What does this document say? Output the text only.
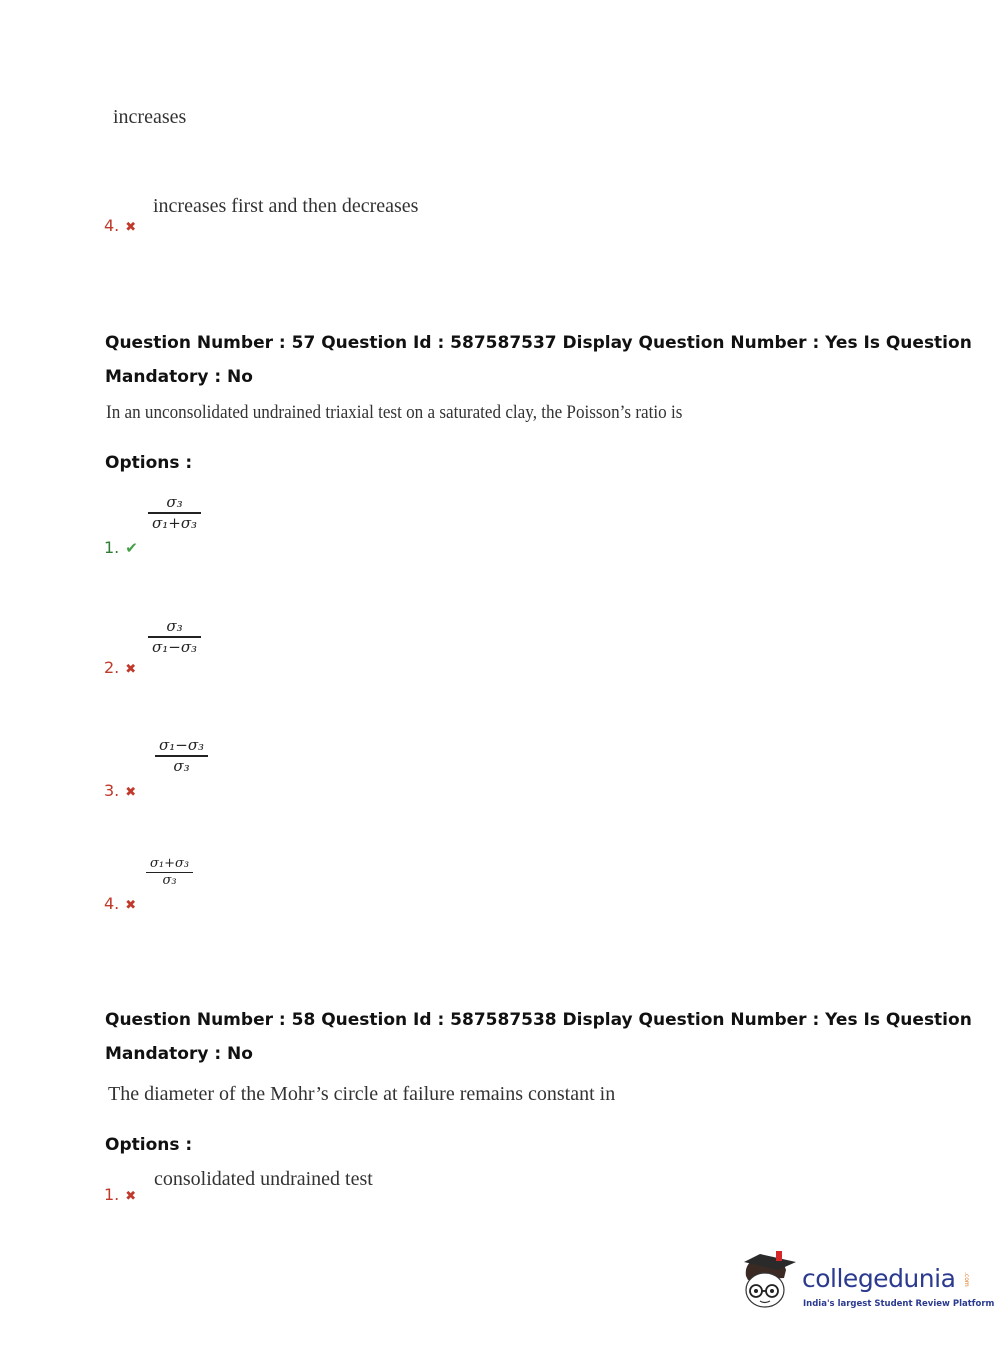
increases
increases first and then decreases
4. ✖
Question Number : 57 Question Id : 587587537 Display Question Number : Yes Is Question
Mandatory : No
In an unconsolidated undrained triaxial test on a saturated clay, the Poisson’s ratio is
Options :
σ₃
σ₁+σ₃
1. ✔
σ₃
σ₁−σ₃
2. ✖
σ₁−σ₃
σ₃
3. ✖
σ₁+σ₃
σ₃
4. ✖
Question Number : 58 Question Id : 587587538 Display Question Number : Yes Is Question
Mandatory : No
The diameter of the Mohr’s circle at failure remains constant in
Options :
consolidated undrained test
1. ✖
collegedunia .com
India's largest Student Review Platform
